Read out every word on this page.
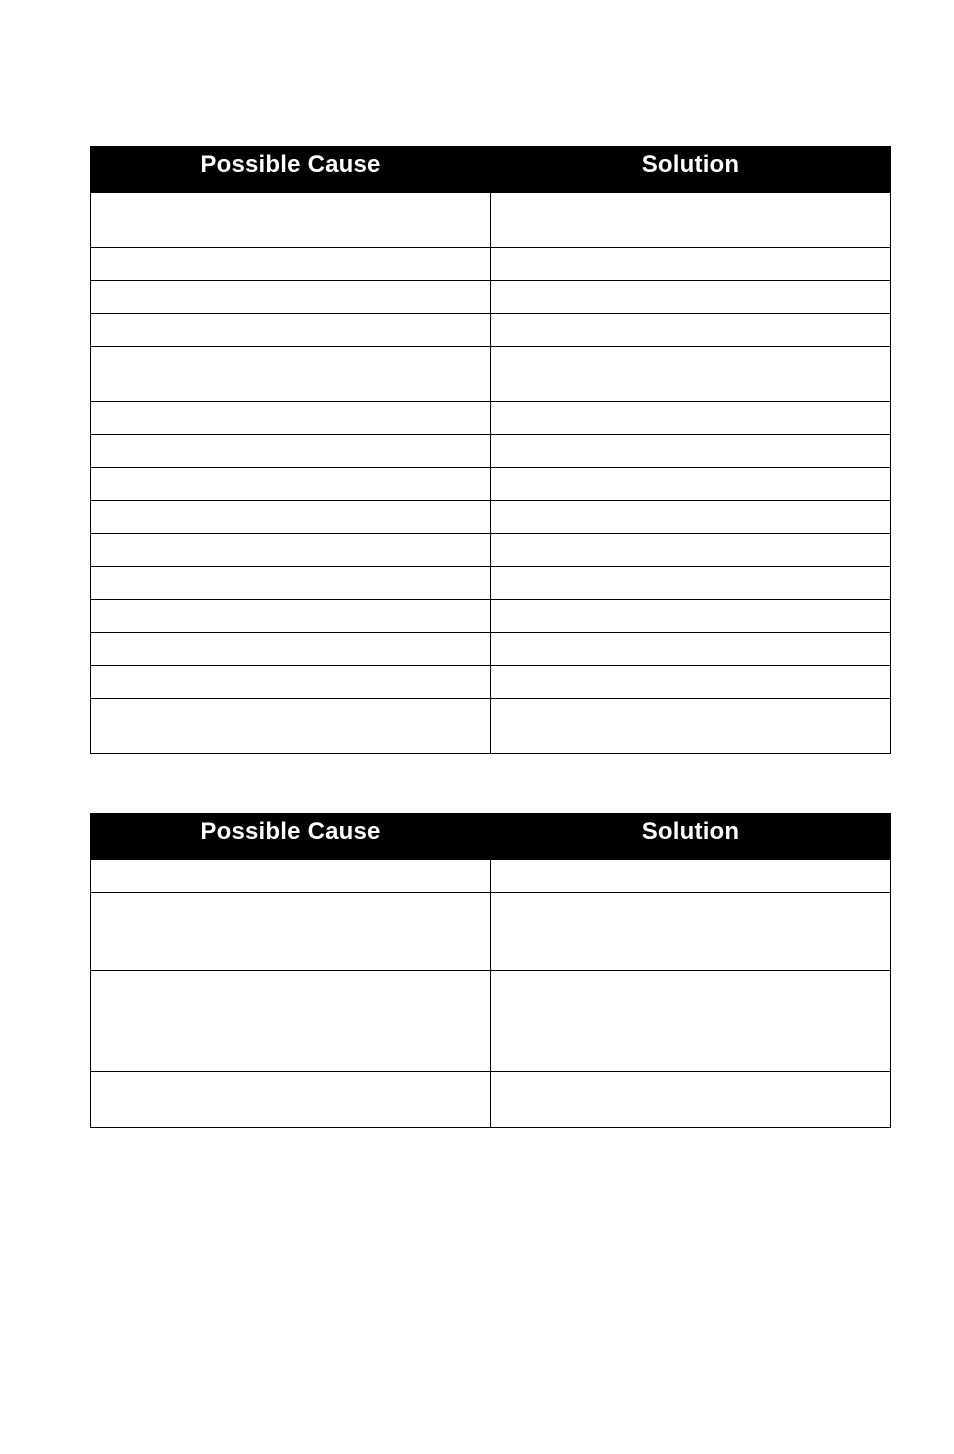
Possible Cause	Solution

Possible Cause	Solution
